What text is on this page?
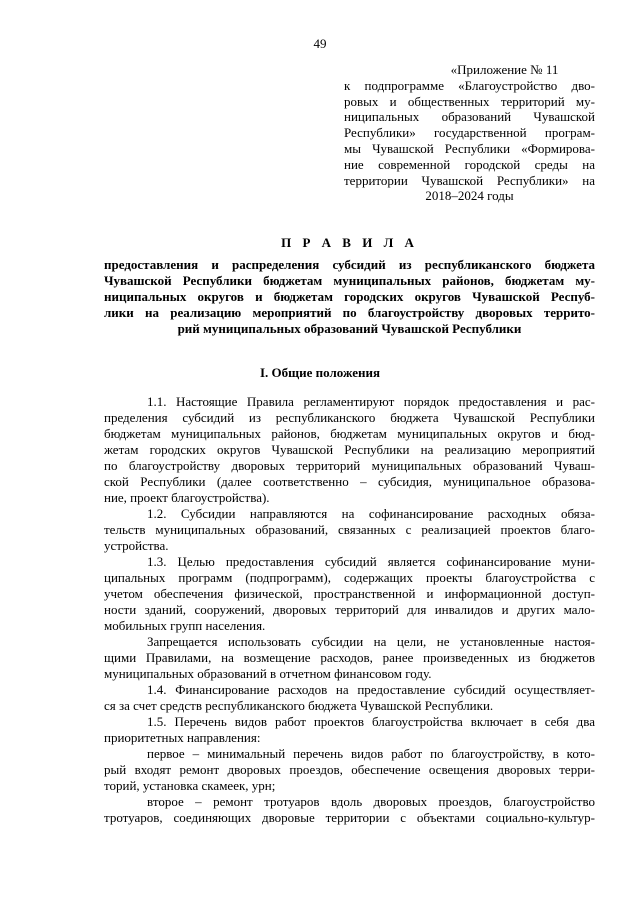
49
«Приложение № 11
к подпрограмме «Благоустройство дво-
ровых и общественных территорий му-
ниципальных образований Чувашской
Республики» государственной програм-
мы Чувашской Республики «Формирова-
ние современной городской среды на
территории Чувашской Республики» на
2018–2024 годы
П Р А В И Л А
предоставления и распределения субсидий из республиканского бюджета
Чувашской Республики бюджетам муниципальных районов, бюджетам му-
ниципальных округов и бюджетам городских округов Чувашской Респуб-
лики на реализацию мероприятий по благоустройству дворовых террито-
рий муниципальных образований Чувашской Республики
I. Общие положения
1.1. Настоящие Правила регламентируют порядок предоставления и рас-
пределения субсидий из республиканского бюджета Чувашской Республики
бюджетам муниципальных районов, бюджетам муниципальных округов и бюд-
жетам городских округов Чувашской Республики на реализацию мероприятий
по благоустройству дворовых территорий муниципальных образований Чуваш-
ской Республики (далее соответственно – субсидия, муниципальное образова-
ние, проект благоустройства).
1.2. Субсидии направляются на софинансирование расходных обяза-
тельств муниципальных образований, связанных с реализацией проектов благо-
устройства.
1.3. Целью предоставления субсидий является софинансирование муни-
ципальных программ (подпрограмм), содержащих проекты благоустройства с
учетом обеспечения физической, пространственной и информационной доступ-
ности зданий, сооружений, дворовых территорий для инвалидов и других мало-
мобильных групп населения.
Запрещается использовать субсидии на цели, не установленные настоя-
щими Правилами, на возмещение расходов, ранее произведенных из бюджетов
муниципальных образований в отчетном финансовом году.
1.4. Финансирование расходов на предоставление субсидий осуществляет-
ся за счет средств республиканского бюджета Чувашской Республики.
1.5. Перечень видов работ проектов благоустройства включает в себя два
приоритетных направления:
первое – минимальный перечень видов работ по благоустройству, в кото-
рый входят ремонт дворовых проездов, обеспечение освещения дворовых терри-
торий, установка скамеек, урн;
второе – ремонт тротуаров вдоль дворовых проездов, благоустройство
тротуаров, соединяющих дворовые территории с объектами социально-культур-
